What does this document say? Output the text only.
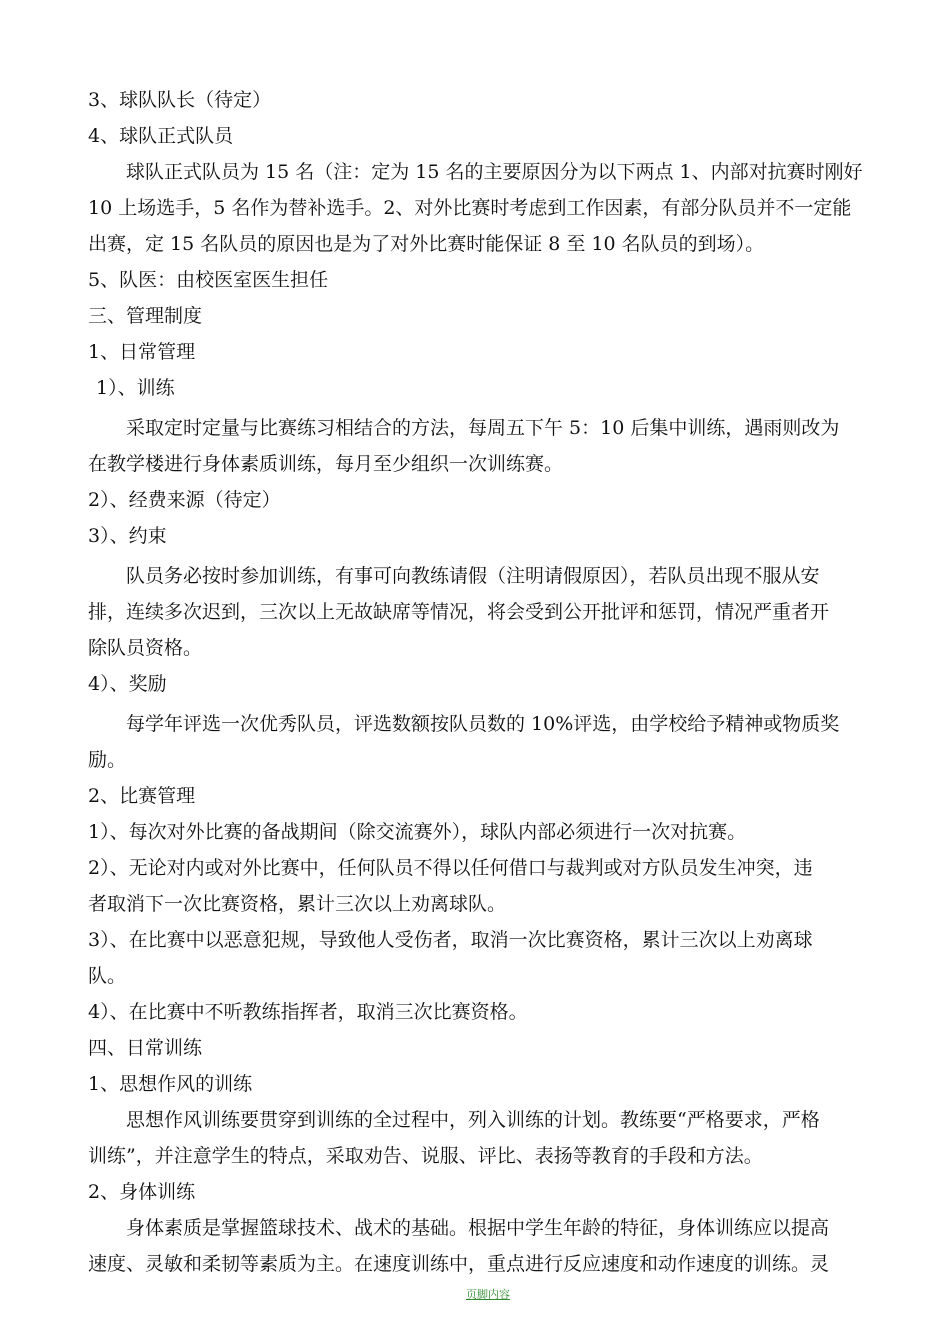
3、球队队长（待定）

4、球队正式队员

球队正式队员为 15 名（注：定为 15 名的主要原因分为以下两点 1、内部对抗赛时刚好

10 上场选手，5 名作为替补选手。2、对外比赛时考虑到工作因素，有部分队员并不一定能

出赛，定 15 名队员的原因也是为了对外比赛时能保证 8 至 10 名队员的到场）。

5、队医：由校医室医生担任

三、管理制度

1、日常管理

1）、训练

采取定时定量与比赛练习相结合的方法，每周五下午 5：10 后集中训练，遇雨则改为

在教学楼进行身体素质训练，每月至少组织一次训练赛。

2）、经费来源（待定）

3）、约束

队员务必按时参加训练，有事可向教练请假（注明请假原因），若队员出现不服从安

排，连续多次迟到，三次以上无故缺席等情况，将会受到公开批评和惩罚，情况严重者开

除队员资格。

4）、奖励

每学年评选一次优秀队员，评选数额按队员数的 10%评选，由学校给予精神或物质奖

励。

2、比赛管理

1）、每次对外比赛的备战期间（除交流赛外），球队内部必须进行一次对抗赛。

2）、无论对内或对外比赛中，任何队员不得以任何借口与裁判或对方队员发生冲突，违

者取消下一次比赛资格，累计三次以上劝离球队。

3）、在比赛中以恶意犯规，导致他人受伤者，取消一次比赛资格，累计三次以上劝离球

队。

4）、在比赛中不听教练指挥者，取消三次比赛资格。

四、日常训练

1、思想作风的训练

思想作风训练要贯穿到训练的全过程中，列入训练的计划。教练要“严格要求，严格

训练”，并注意学生的特点，采取劝告、说服、评比、表扬等教育的手段和方法。

2、身体训练

身体素质是掌握篮球技术、战术的基础。根据中学生年龄的特征，身体训练应以提高

速度、灵敏和柔韧等素质为主。在速度训练中，重点进行反应速度和动作速度的训练。灵

页脚内容
